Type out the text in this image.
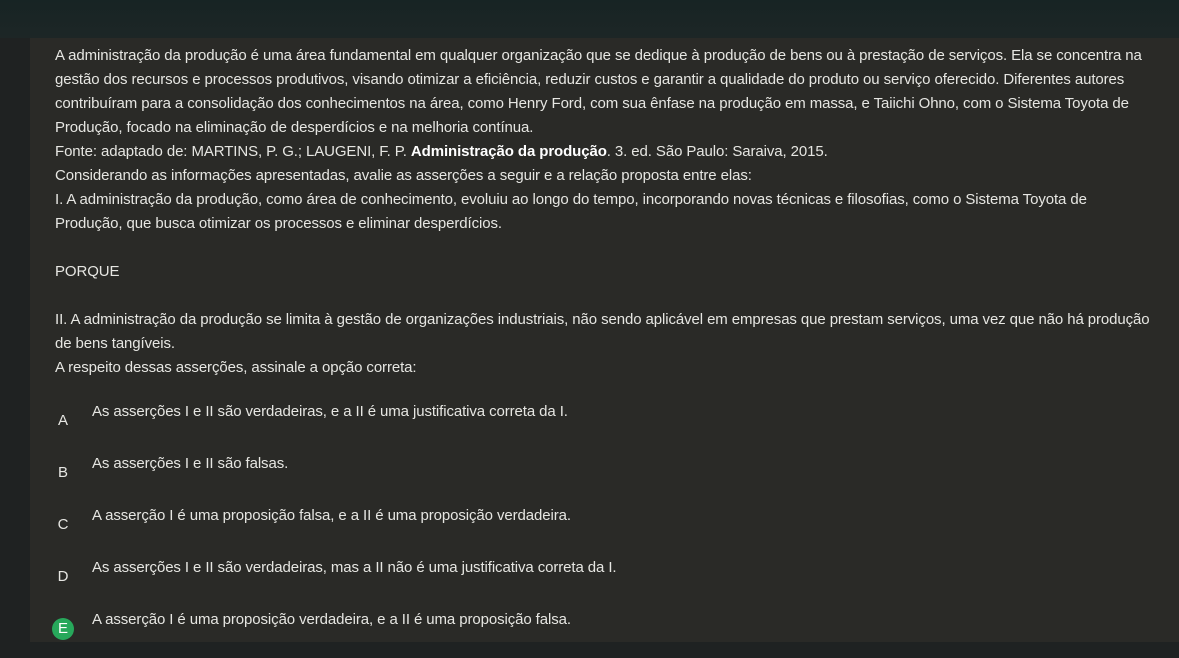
A administração da produção é uma área fundamental em qualquer organização que se dedique à produção de bens ou à prestação de serviços. Ela se concentra na gestão dos recursos e processos produtivos, visando otimizar a eficiência, reduzir custos e garantir a qualidade do produto ou serviço oferecido. Diferentes autores contribuíram para a consolidação dos conhecimentos na área, como Henry Ford, com sua ênfase na produção em massa, e Taiichi Ohno, com o Sistema Toyota de Produção, focado na eliminação de desperdícios e na melhoria contínua.

Fonte: adaptado de: MARTINS, P. G.; LAUGENI, F. P. Administração da produção. 3. ed. São Paulo: Saraiva, 2015.

Considerando as informações apresentadas, avalie as asserções a seguir e a relação proposta entre elas:

I. A administração da produção, como área de conhecimento, evoluiu ao longo do tempo, incorporando novas técnicas e filosofias, como o Sistema Toyota de Produção, que busca otimizar os processos e eliminar desperdícios.

PORQUE

II. A administração da produção se limita à gestão de organizações industriais, não sendo aplicável em empresas que prestam serviços, uma vez que não há produção de bens tangíveis.

A respeito dessas asserções, assinale a opção correta:

A
As asserções I e II são verdadeiras, e a II é uma justificativa correta da I.
B
As asserções I e II são falsas.
C
A asserção I é uma proposição falsa, e a II é uma proposição verdadeira.
D
As asserções I e II são verdadeiras, mas a II não é uma justificativa correta da I.
E
A asserção I é uma proposição verdadeira, e a II é uma proposição falsa.
